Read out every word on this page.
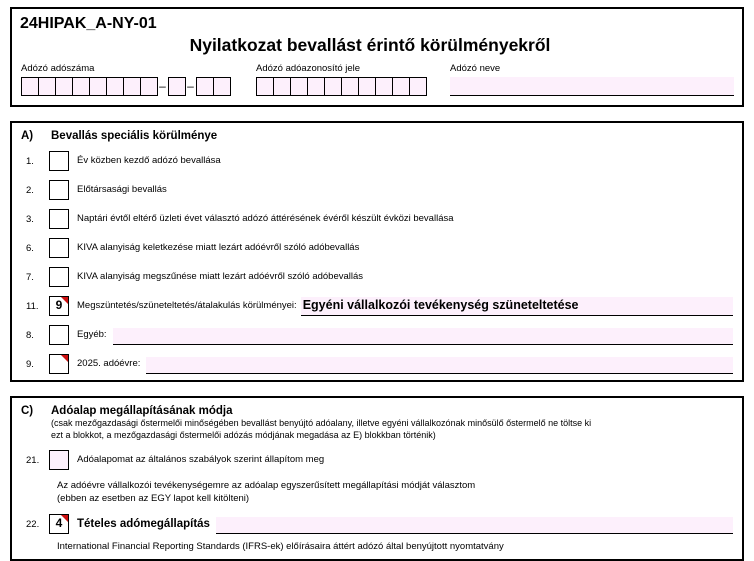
24HIPAK_A-NY-01
Nyilatkozat bevallást érintő körülményekről
Adózó adószáma
– –
Adózó adóazonosító jele	Adózó neve
A)	Bevallás speciális körülménye
1.	Év közben kezdő adózó bevallása
2.	Előtársasági bevallás
3.	Naptári évtől eltérő üzleti évet választó adózó áttérésének évéről készült évközi bevallása
6.	KIVA alanyiság keletkezése miatt lezárt adóévről szóló adóbevallás
7.	KIVA alanyiság megszűnése miatt lezárt adóévről szóló adóbevallás
11.	9	Megszüntetés/szüneteltetés/átalakulás körülményei: Egyéni vállalkozói tevékenység szüneteltetése
8.	Egyéb:
9.	2025. adóévre:
C)	Adóalap megállapításának módja
(csak mezőgazdasági őstermelői minőségében bevallást benyújtó adóalany, illetve egyéni vállalkozónak minősülő őstermelő ne töltse ki
ezt a blokkot, a mezőgazdasági őstermelői adózás módjának megadása az E) blokkban történik)
21.	Adóalapomat az általános szabályok szerint állapítom meg
Az adóévre vállalkozói tevékenységemre az adóalap egyszerűsített megállapítási módját választom
(ebben az esetben az EGY lapot kell kitölteni)
22.	4	Tételes adómegállapítás
International Financial Reporting Standards (IFRS-ek) előírásaira áttért adózó által benyújtott nyomtatvány
